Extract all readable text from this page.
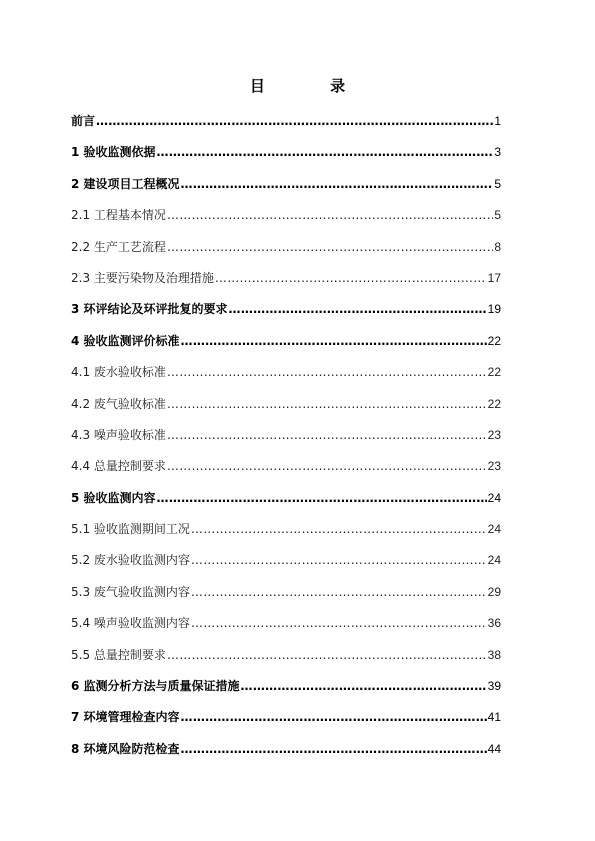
目 录
前言 ……………………………………………………………………………………………………………………………………………………………………………………	1
1 验收监测依据 ……………………………………………………………………………………………………………………………………………………………………………………	3
2 建设项目工程概况 ……………………………………………………………………………………………………………………………………………………………………………………	5
2.1 工程基本情况 ……………………………………………………………………………………………………………………………………………………………………………………	5
2.2 生产工艺流程 ……………………………………………………………………………………………………………………………………………………………………………………	8
2.3 主要污染物及治理措施 ……………………………………………………………………………………………………………………………………………………………………………………	17
3 环评结论及环评批复的要求 ……………………………………………………………………………………………………………………………………………………………………………………	19
4 验收监测评价标准 ……………………………………………………………………………………………………………………………………………………………………………………	22
4.1 废水验收标准 ……………………………………………………………………………………………………………………………………………………………………………………	22
4.2 废气验收标准 ……………………………………………………………………………………………………………………………………………………………………………………	22
4.3 噪声验收标准 ……………………………………………………………………………………………………………………………………………………………………………………	23
4.4 总量控制要求 ……………………………………………………………………………………………………………………………………………………………………………………	23
5 验收监测内容 ……………………………………………………………………………………………………………………………………………………………………………………	24
5.1 验收监测期间工况 ……………………………………………………………………………………………………………………………………………………………………………………	24
5.2 废水验收监测内容 ……………………………………………………………………………………………………………………………………………………………………………………	24
5.3 废气验收监测内容 ……………………………………………………………………………………………………………………………………………………………………………………	29
5.4 噪声验收监测内容 ……………………………………………………………………………………………………………………………………………………………………………………	36
5.5 总量控制要求 ……………………………………………………………………………………………………………………………………………………………………………………	38
6 监测分析方法与质量保证措施 ……………………………………………………………………………………………………………………………………………………………………………………	39
7 环境管理检查内容 ……………………………………………………………………………………………………………………………………………………………………………………	41
8 环境风险防范检查 ……………………………………………………………………………………………………………………………………………………………………………………	44
